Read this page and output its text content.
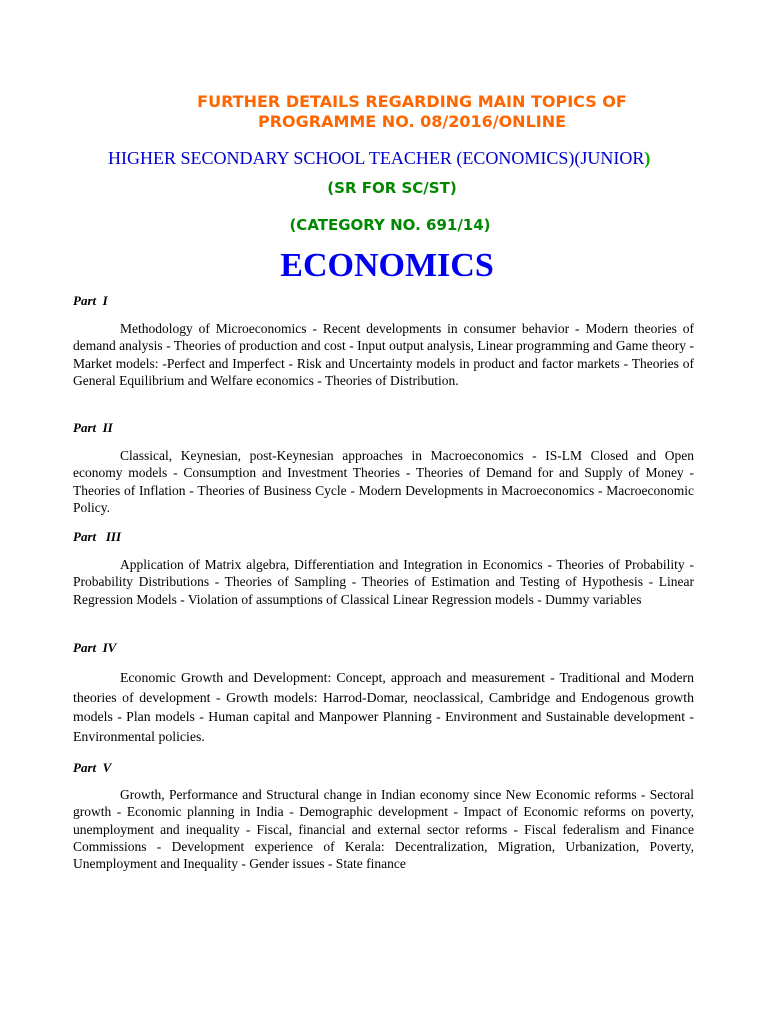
FURTHER DETAILS REGARDING MAIN TOPICS OF
PROGRAMME NO. 08/2016/ONLINE
HIGHER SECONDARY SCHOOL TEACHER (ECONOMICS)(JUNIOR)
(SR FOR SC/ST)
(CATEGORY NO. 691/14)
ECONOMICS
Part  I

Methodology of Microeconomics - Recent developments in consumer behavior - Modern theories of demand analysis - Theories of production and cost - Input output analysis, Linear programming and Game theory - Market models: -Perfect and Imperfect - Risk and Uncertainty models in product and factor markets - Theories of General Equilibrium and Welfare economics - Theories of Distribution.

Part  II

Classical, Keynesian, post-Keynesian approaches in Macroeconomics - IS-LM Closed and Open economy models - Consumption and Investment Theories - Theories of Demand for and Supply of Money - Theories of Inflation - Theories of Business Cycle - Modern Developments in Macroeconomics - Macroeconomic Policy.

Part   III

Application of Matrix algebra, Differentiation and Integration in Economics - Theories of Probability - Probability Distributions - Theories of Sampling - Theories of Estimation and Testing of Hypothesis - Linear Regression Models - Violation of assumptions of Classical Linear Regression models - Dummy variables

Part  IV

Economic Growth and Development: Concept, approach and measurement - Traditional and Modern theories of development - Growth models: Harrod-Domar, neoclassical, Cambridge and Endogenous growth models - Plan models - Human capital and Manpower Planning - Environment and Sustainable development -Environmental policies.

Part  V

Growth, Performance and Structural change in Indian economy since New Economic reforms - Sectoral growth - Economic planning in India - Demographic development - Impact of Economic reforms on poverty, unemployment and inequality - Fiscal, financial and external sector reforms - Fiscal federalism and Finance Commissions - Development experience of Kerala: Decentralization, Migration, Urbanization, Poverty, Unemployment and Inequality - Gender issues - State finance
